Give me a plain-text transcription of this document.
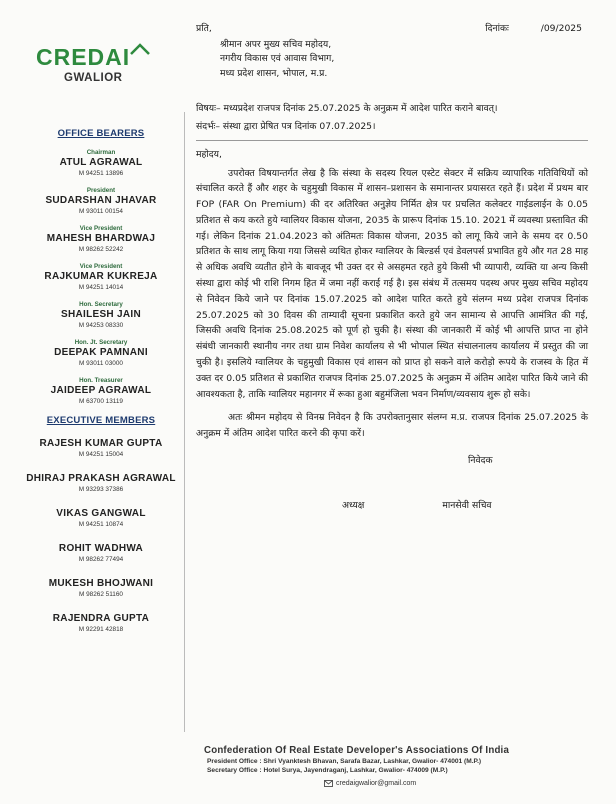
CREDAI
GWALIOR
OFFICE BEARERS
Chairman
ATUL AGRAWAL
M 94251 13896
President
SUDARSHAN JHAVAR
M 93011 00154
Vice President
MAHESH BHARDWAJ
M 98262 52242
Vice President
RAJKUMAR KUKREJA
M 94251 14014
Hon. Secretary
SHAILESH JAIN
M 94253 08330
Hon. Jt. Secretary
DEEPAK PAMNANI
M 93011 03000
Hon. Treasurer
JAIDEEP AGRAWAL
M 63700 13119
EXECUTIVE MEMBERS
RAJESH KUMAR GUPTA
M 94251 15004
DHIRAJ PRAKASH AGRAWAL
M 93293 37386
VIKAS GANGWAL
M 94251 10874
ROHIT WADHWA
M 98262 77494
MUKESH BHOJWANI
M 98262 51160
RAJENDRA GUPTA
M 92291 42818
प्रति,	दिनांकः	/09/2025
श्रीमान अपर मुख्य सचिव महोदय,
नगरीय विकास एवं आवास विभाग,
मध्य प्रदेश शासन, भोपाल, म.प्र.
विषयः– मध्यप्रदेश राजपत्र दिनांक 25.07.2025 के अनुक्रम में आदेश पारित कराने बावत्।
संदर्भः– संस्था द्वारा प्रेषित पत्र दिनांक 07.07.2025।
महोदय,
उपरोक्त विषयान्तर्गत लेख है कि संस्था के सदस्य रियल एस्टेट सेक्टर में सक्रिय व्यापारिक गतिविधियों को संचालित करते हैं और शहर के चहुमुखी विकास में शासन–प्रशासन के समानान्तर प्रयासरत रहते हैं। प्रदेश में प्रथम बार FOP (FAR On Premium) की दर अतिरिक्त अनुज्ञेय निर्मित क्षेत्र पर प्रचलित कलेक्टर गाईडलाईन के 0.05 प्रतिशत से कय करते हुये ग्वालियर विकास योजना, 2035 के प्रारूप दिनांक 15.10. 2021 में व्यवस्था प्रस्तावित की गई। लेकिन दिनांक 21.04.2023 को अंतिमतः विकास योजना, 2035 को लागू किये जाने के समय दर 0.50 प्रतिशत के साथ लागू किया गया जिससे व्यथित होकर ग्वालियर के बिल्डर्स एवं डेवलपर्स प्रभावित हुये और गत 28 माह से अधिक अवधि व्यतीत होने के बावजूद भी उक्त दर से असहमत रहते हुये किसी भी व्यापारी, व्यक्ति या अन्य किसी संस्था द्वारा कोई भी राशि निगम हित में जमा नहीं कराई गई है। इस संबंध में तत्समय पदस्थ अपर मुख्य सचिव महोदय से निवेदन किये जाने पर दिनांक 15.07.2025 को आदेश पारित करते हुये संलग्न मध्य प्रदेश राजपत्र दिनांक 25.07.2025 को 30 दिवस की ताम्यादी सूचना प्रकाशित करते हुये जन सामान्य से आपत्ति आमंत्रित की गई, जिसकी अवधि दिनांक 25.08.2025 को पूर्ण हो चुकी है। संस्था की जानकारी में कोई भी आपत्ति प्राप्त ना होने संबंधी जानकारी स्थानीय नगर तथा ग्राम निवेश कार्यालय से भी भोपाल स्थित संचालनालय कार्यालय में प्रस्तुत की जा चुकी है। इसलिये ग्वालियर के चहुमुखी विकास एवं शासन को प्राप्त हो सकने वाले करोड़ो रूपये के राजस्व के हित में उक्त दर 0.05 प्रतिशत से प्रकाशित राजपत्र दिनांक 25.07.2025 के अनुक्रम में अंतिम आदेश पारित किये जाने की आवश्यकता है, ताकि ग्वालियर महानगर में रूका हुआ बहुमंजिला भवन निर्माण/व्यवसाय शुरू हो सके।
अतः श्रीमन महोदय से विनम्र निवेदन है कि उपरोक्तानुसार संलग्न म.प्र. राजपत्र दिनांक 25.07.2025 के अनुक्रम में अंतिम आदेश पारित करने की कृपा करें।
निवेदक
अध्यक्ष	मानसेवी सचिव
Confederation Of Real Estate Developer's Associations Of India
President Office : Shri Vyanktesh Bhavan, Sarafa Bazar, Lashkar, Gwalior- 474001 (M.P.)
Secretary Office : Hotel Surya, Jayendraganj, Lashkar, Gwalior- 474009 (M.P.)
credaigwalior@gmail.com
